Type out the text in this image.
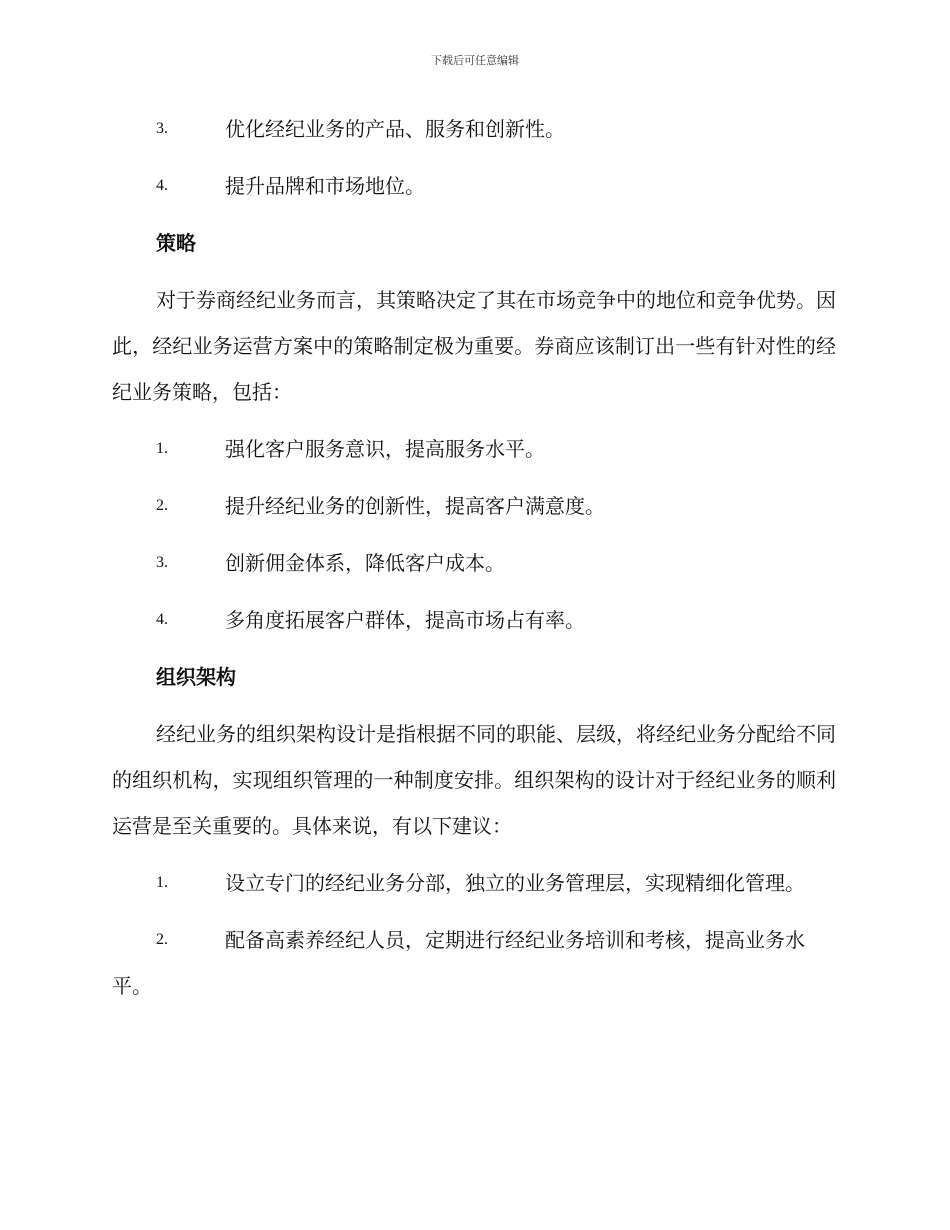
下载后可任意编辑
3.	优化经纪业务的产品、服务和创新性。
4.	提升品牌和市场地位。
策略
对于券商经纪业务而言，其策略决定了其在市场竞争中的地位和竞争优势。因此，经纪业务运营方案中的策略制定极为重要。券商应该制订出一些有针对性的经纪业务策略，包括：
1.	强化客户服务意识，提高服务水平。
2.	提升经纪业务的创新性，提高客户满意度。
3.	创新佣金体系，降低客户成本。
4.	多角度拓展客户群体，提高市场占有率。
组织架构
经纪业务的组织架构设计是指根据不同的职能、层级，将经纪业务分配给不同的组织机构，实现组织管理的一种制度安排。组织架构的设计对于经纪业务的顺利运营是至关重要的。具体来说，有以下建议：
1.	设立专门的经纪业务分部，独立的业务管理层，实现精细化管理。
2.	配备高素养经纪人员，定期进行经纪业务培训和考核，提高业务水平。
